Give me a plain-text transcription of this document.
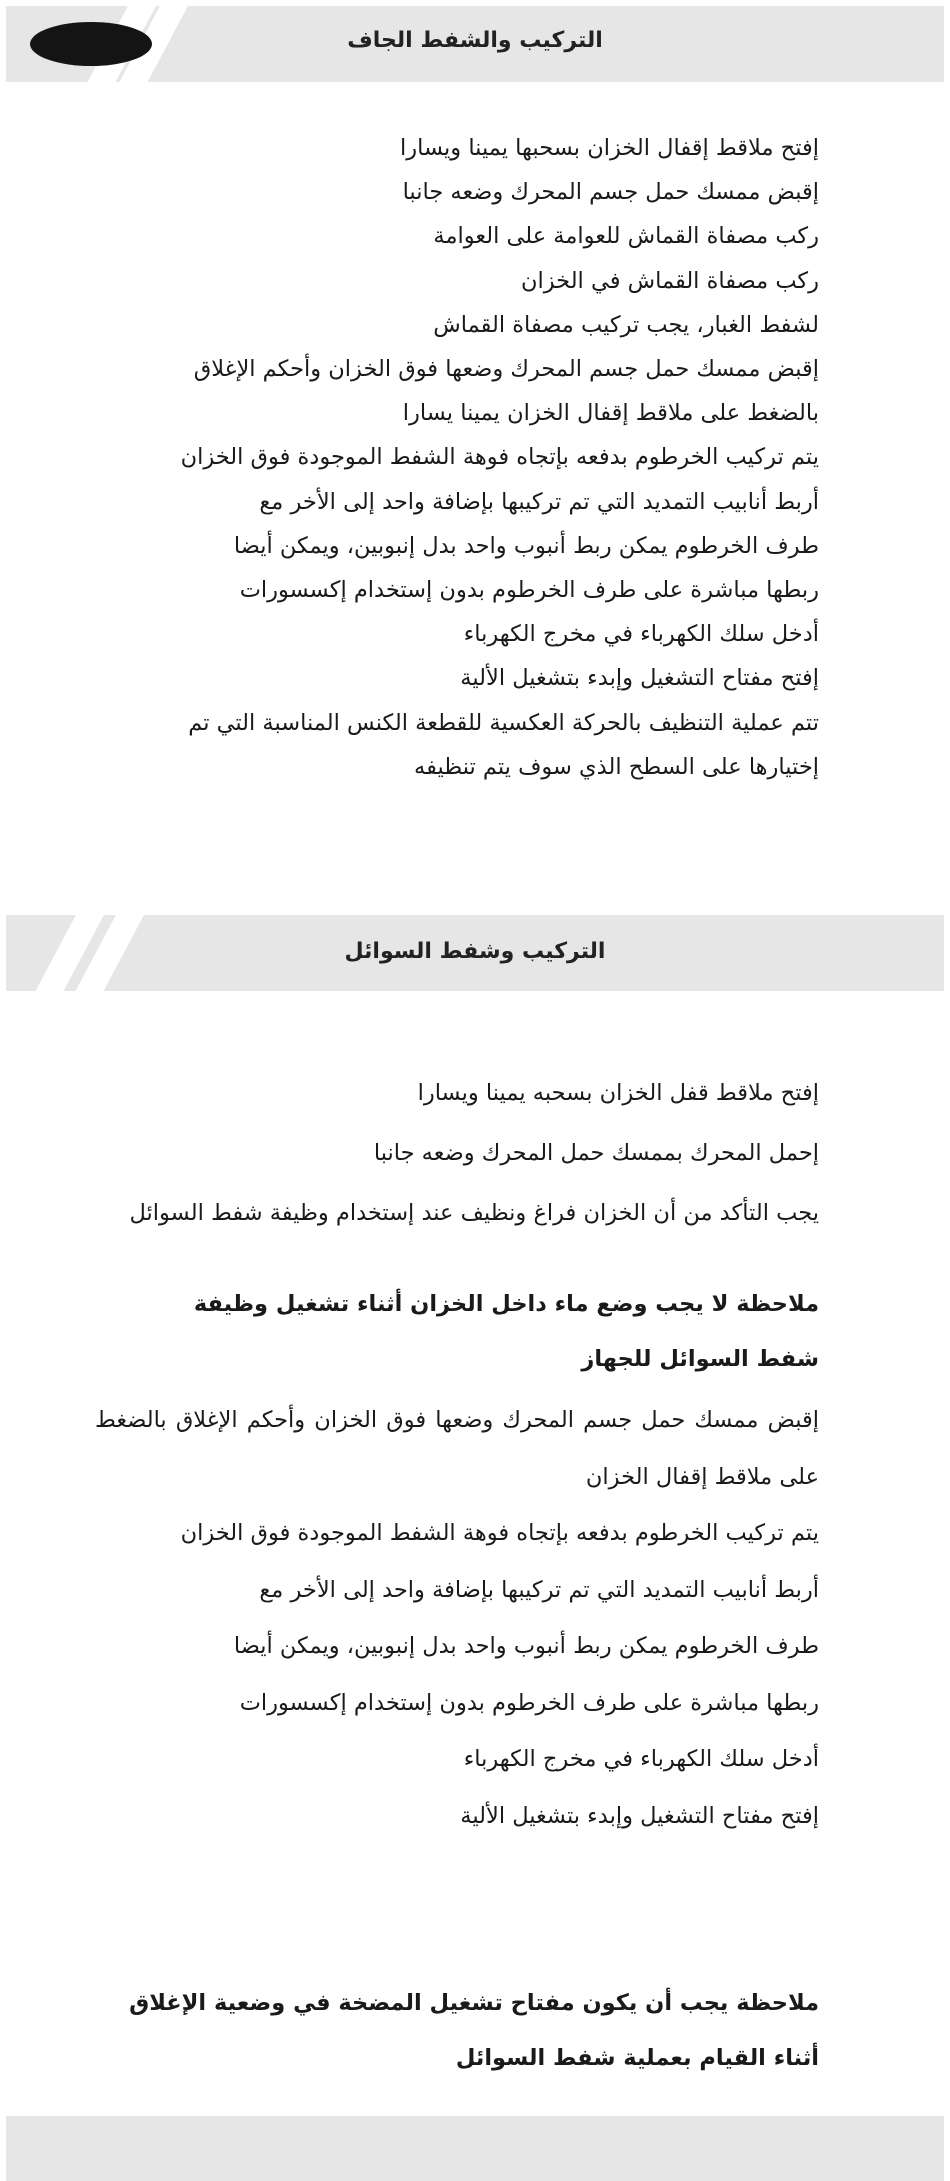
التركيب والشفط الجاف
إفتح ملاقط إقفال الخزان بسحبها يمينا ويسارا
إقبض ممسك حمل جسم المحرك وضعه جانبا
ركب مصفاة القماش للعوامة على العوامة
ركب مصفاة القماش في الخزان
لشفط الغبار، يجب تركيب مصفاة القماش
إقبض ممسك حمل جسم المحرك وضعها فوق الخزان وأحكم الإغلاق
بالضغط على ملاقط إقفال الخزان يمينا يسارا
يتم تركيب الخرطوم بدفعه بإتجاه فوهة الشفط الموجودة فوق الخزان
أربط أنابيب التمديد التي تم تركيبها بإضافة واحد إلى الأخر مع
طرف الخرطوم يمكن ربط أنبوب واحد بدل إنبوبين، ويمكن أيضا
ربطها مباشرة على طرف الخرطوم بدون إستخدام إكسسورات
أدخل سلك الكهرباء في مخرج الكهرباء
إفتح مفتاح التشغيل وإبدء بتشغيل الألية
تتم عملية التنظيف بالحركة العكسية للقطعة الكنس المناسبة التي تم
إختيارها على السطح الذي سوف يتم تنظيفه
التركيب وشفط السوائل
إفتح ملاقط قفل الخزان بسحبه يمينا ويسارا
إحمل المحرك بممسك حمل المحرك وضعه جانبا
يجب التأكد من أن الخزان فراغ ونظيف عند إستخدام وظيفة شفط السوائل
ملاحظة لا يجب وضع ماء داخل الخزان أثناء تشغيل وظيفة
شفط السوائل للجهاز
إقبض ممسك حمل جسم المحرك وضعها فوق الخزان وأحكم الإغلاق بالضغط على ملاقط إقفال الخزان
يتم تركيب الخرطوم بدفعه بإتجاه فوهة الشفط الموجودة فوق الخزان
أربط أنابيب التمديد التي تم تركيبها بإضافة واحد إلى الأخر مع
طرف الخرطوم يمكن ربط أنبوب واحد بدل إنبوبين، ويمكن أيضا
ربطها مباشرة على طرف الخرطوم بدون إستخدام إكسسورات
أدخل سلك الكهرباء في مخرج الكهرباء
إفتح مفتاح التشغيل وإبدء بتشغيل الألية
ملاحظة يجب أن يكون مفتاح تشغيل المضخة في وضعية الإغلاق
أثناء القيام بعملية شفط السوائل
